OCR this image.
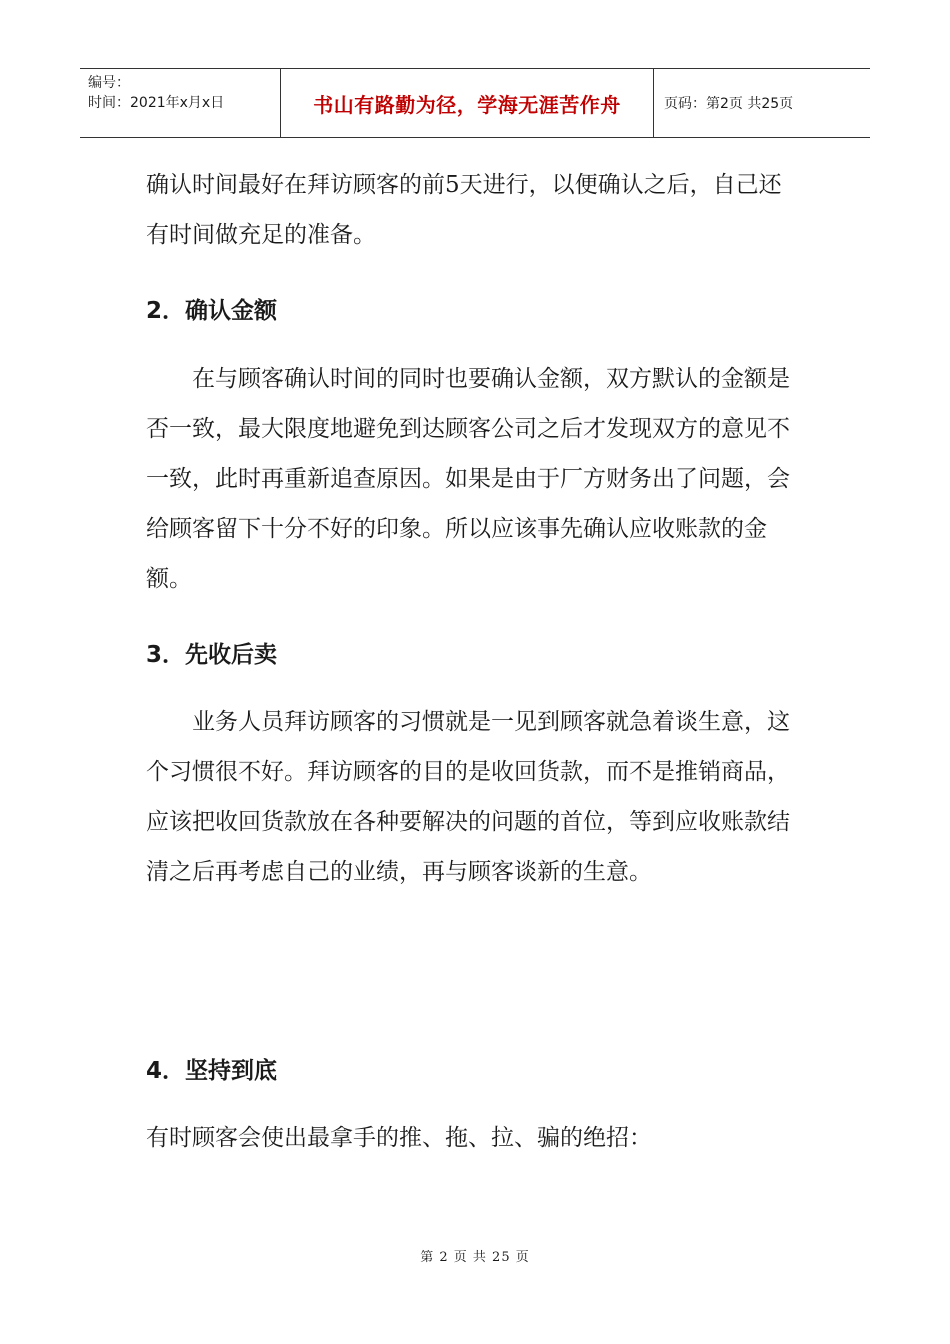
编号：
时间：2021年x月x日	书山有路勤为径，学海无涯苦作舟	页码：第2页 共25页

确认时间最好在拜访顾客的前5天进行，以便确认之后，自己还有时间做充足的准备。

2．确认金额

在与顾客确认时间的同时也要确认金额，双方默认的金额是否一致，最大限度地避免到达顾客公司之后才发现双方的意见不一致，此时再重新追查原因。如果是由于厂方财务出了问题，会给顾客留下十分不好的印象。所以应该事先确认应收账款的金额。

3．先收后卖

业务人员拜访顾客的习惯就是一见到顾客就急着谈生意，这个习惯很不好。拜访顾客的目的是收回货款，而不是推销商品，应该把收回货款放在各种要解决的问题的首位，等到应收账款结清之后再考虑自己的业绩，再与顾客谈新的生意。

4．坚持到底

有时顾客会使出最拿手的推、拖、拉、骗的绝招：

第 2 页 共 25 页
